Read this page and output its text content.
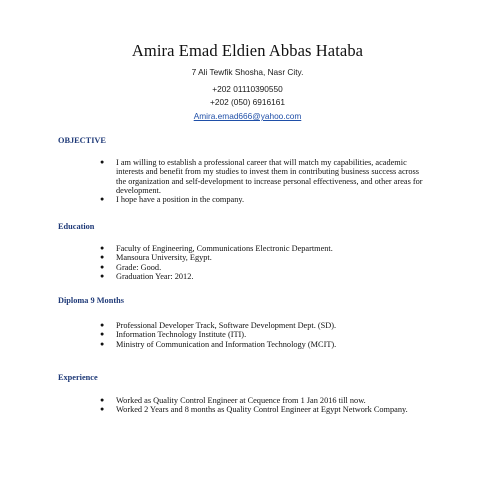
Amira Emad Eldien Abbas Hataba
7 Ali Tewfik Shosha, Nasr City.
+202 01110390550
+202 (050) 6916161
Amira.emad666@yahoo.com
OBJECTIVE
● I am willing to establish a professional career that will match my capabilities, academic interests and benefit from my studies to invest them in contributing business success across the organization and self-development to increase personal effectiveness, and other areas for development.
● I hope have a position in the company.
Education
● Faculty of Engineering, Communications Electronic Department.
● Mansoura University, Egypt.
● Grade: Good.
● Graduation Year: 2012.
Diploma 9 Months
● Professional Developer Track, Software Development Dept. (SD).
● Information Technology Institute (ITI).
● Ministry of Communication and Information Technology (MCIT).
Experience
● Worked as Quality Control Engineer at Cequence from 1 Jan 2016 till now.
● Worked 2 Years and 8 months as Quality Control Engineer at Egypt Network Company.
